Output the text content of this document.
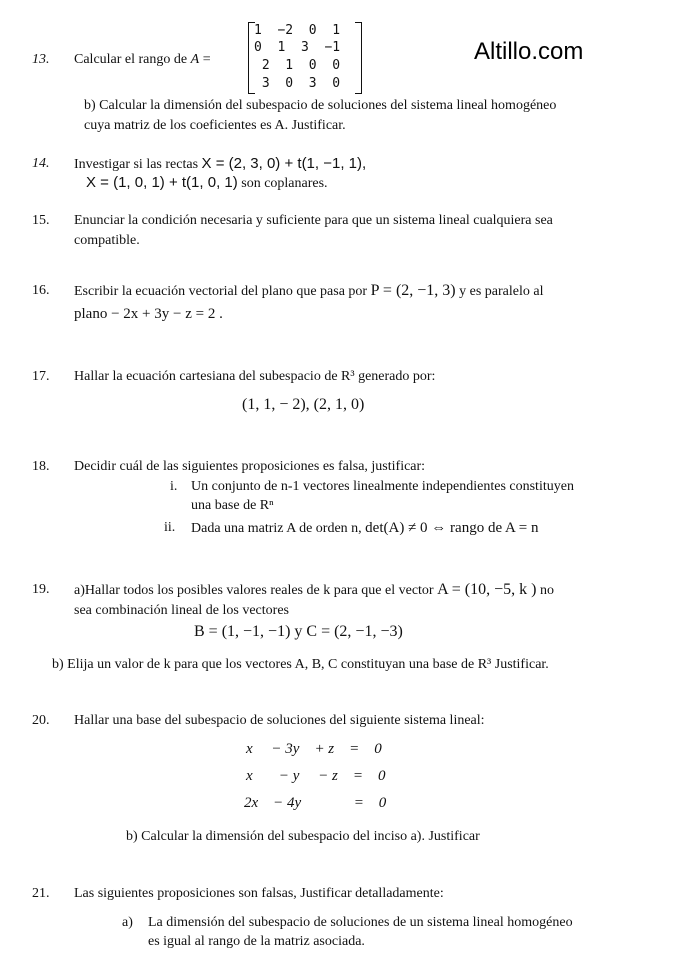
Altillo.com
13. Calcular el rango de A =
1  −2  0  1
0  1  3  −1
2  1  0  0
3  0  3  0
b) Calcular la dimensión del subespacio de soluciones del sistema lineal homogéneo
cuya matriz de los coeficientes es A. Justificar.
14. Investigar si las rectas X = (2, 3, 0) + t(1, −1, 1),
X = (1, 0, 1) + t(1, 0, 1) son coplanares.
15. Enunciar la condición necesaria y suficiente para que un sistema lineal cualquiera sea
compatible.
16. Escribir la ecuación vectorial del plano que pasa por P = (2, −1, 3) y es paralelo al
plano − 2x + 3y − z = 2 .
17. Hallar la ecuación cartesiana del subespacio de R³ generado por:
(1, 1, − 2), (2, 1, 0)
18. Decidir cuál de las siguientes proposiciones es falsa, justificar:
i. Un conjunto de n-1 vectores linealmente independientes constituyen
una base de Rⁿ
ii. Dada una matriz A de orden n, det(A) ≠ 0 ⇔ rango de A = n
19. a)Hallar todos los posibles valores reales de k para que el vector A = (10, −5, k ) no
sea combinación lineal de los vectores
B = (1, −1, −1) y C = (2, −1, −3)
b) Elija un valor de k para que los vectores A, B, C constituyan una base de R³ Justificar.
20. Hallar una base del subespacio de soluciones del siguiente sistema lineal:
x     − 3y    + z    =    0
x       − y     − z    =    0
2x    − 4y              =    0
b) Calcular la dimensión del subespacio del inciso a). Justificar
21. Las siguientes proposiciones son falsas, Justificar detalladamente:
a) La dimensión del subespacio de soluciones de un sistema lineal homogéneo
es igual al rango de la matriz asociada.
